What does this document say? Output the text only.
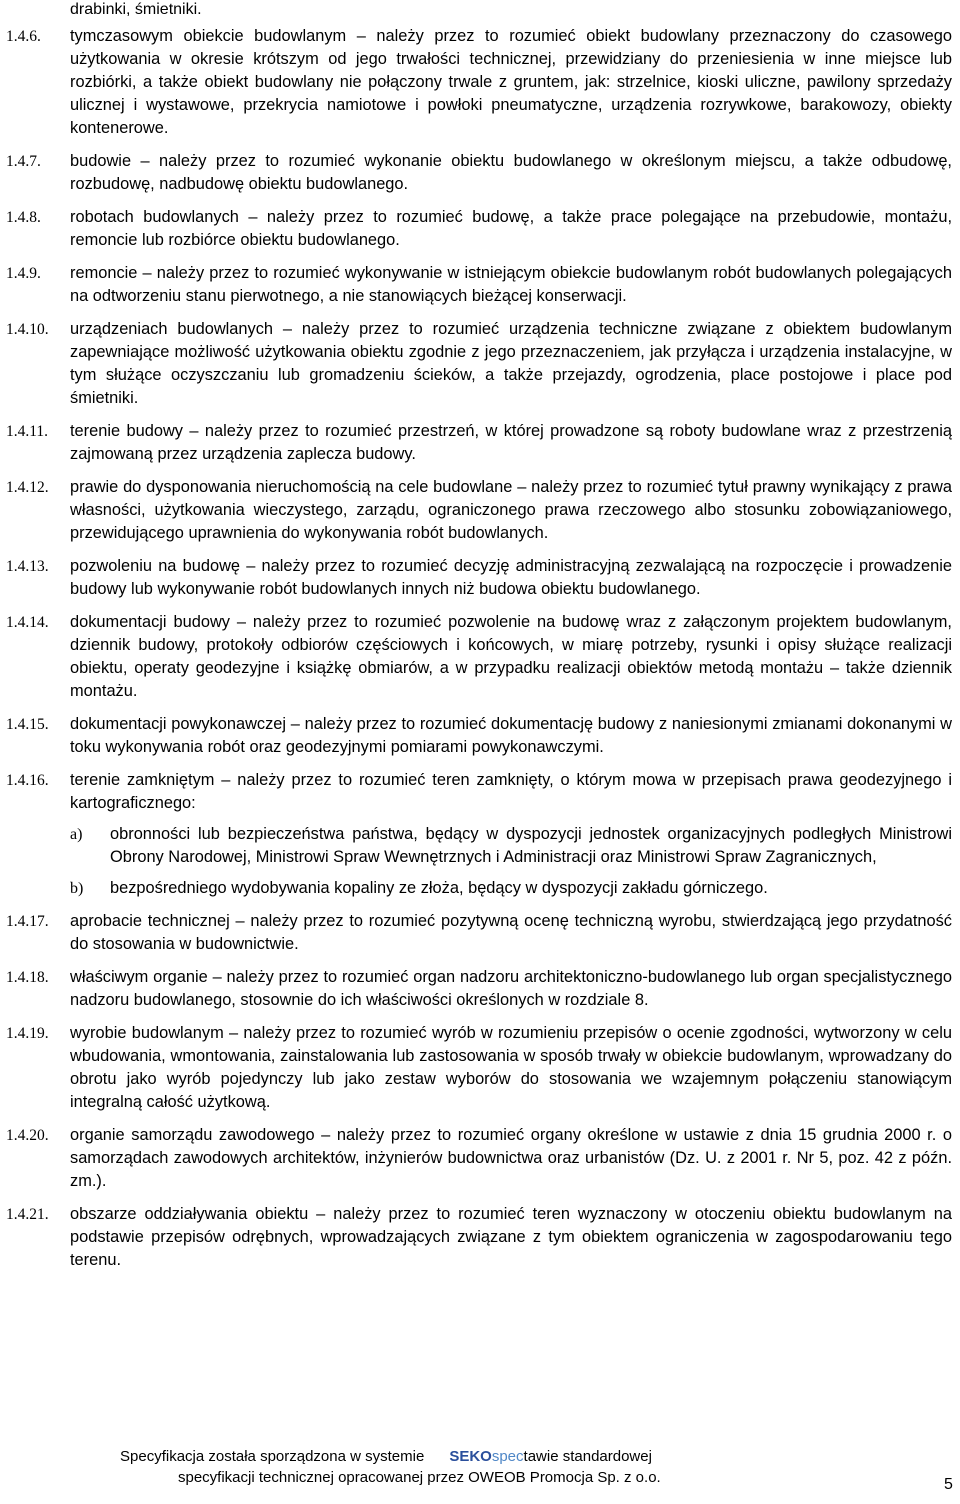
drabinki, śmietniki.
1.4.6.	tymczasowym obiekcie budowlanym – należy przez to rozumieć obiekt budowlany przeznaczony do czasowego użytkowania w okresie krótszym od jego trwałości technicznej, przewidziany do przeniesienia w inne miejsce lub rozbiórki, a także obiekt budowlany nie połączony trwale z gruntem, jak: strzelnice, kioski uliczne, pawilony sprzedaży ulicznej i wystawowe, przekrycia namiotowe i powłoki pneumatyczne, urządzenia rozrywkowe, barakowozy, obiekty kontenerowe.
1.4.7.	budowie – należy przez to rozumieć wykonanie obiektu budowlanego w określonym miejscu, a także odbudowę, rozbudowę, nadbudowę obiektu budowlanego.
1.4.8.	robotach budowlanych – należy przez to rozumieć budowę, a także prace polegające na przebudowie, montażu, remoncie lub rozbiórce obiektu budowlanego.
1.4.9.	remoncie – należy przez to rozumieć wykonywanie w istniejącym obiekcie budowlanym robót budowlanych polegających na odtworzeniu stanu pierwotnego, a nie stanowiących bieżącej konserwacji.
1.4.10.	urządzeniach budowlanych – należy przez to rozumieć urządzenia techniczne związane z obiektem budowlanym zapewniające możliwość użytkowania obiektu zgodnie z jego przeznaczeniem, jak przyłącza i urządzenia instalacyjne, w tym służące oczyszczaniu lub gromadzeniu ścieków, a także przejazdy, ogrodzenia, place postojowe i place pod śmietniki.
1.4.11.	terenie budowy – należy przez to rozumieć przestrzeń, w której prowadzone są roboty budowlane wraz z przestrzenią zajmowaną przez urządzenia zaplecza budowy.
1.4.12.	prawie do dysponowania nieruchomością na cele budowlane – należy przez to rozumieć tytuł prawny wynikający z prawa własności, użytkowania wieczystego, zarządu, ograniczonego prawa rzeczowego albo stosunku zobowiązaniowego, przewidującego uprawnienia do wykonywania robót budowlanych.
1.4.13.	pozwoleniu na budowę – należy przez to rozumieć decyzję administracyjną zezwalającą na rozpoczęcie i prowadzenie budowy lub wykonywanie robót budowlanych innych niż budowa obiektu budowlanego.
1.4.14.	dokumentacji budowy – należy przez to rozumieć pozwolenie na budowę wraz z załączonym projektem budowlanym, dziennik budowy, protokoły odbiorów częściowych i końcowych, w miarę potrzeby, rysunki i opisy służące realizacji obiektu, operaty geodezyjne i książkę obmiarów, a w przypadku realizacji obiektów metodą montażu – także dziennik montażu.
1.4.15.	dokumentacji powykonawczej – należy przez to rozumieć dokumentację budowy z naniesionymi zmianami dokonanymi w toku wykonywania robót oraz geodezyjnymi pomiarami powykonawczymi.
1.4.16.	terenie zamkniętym – należy przez to rozumieć teren zamknięty, o którym mowa w przepisach prawa geodezyjnego i kartograficznego:
a) obronności lub bezpieczeństwa państwa, będący w dyspozycji jednostek organizacyjnych podległych Ministrowi Obrony Narodowej, Ministrowi Spraw Wewnętrznych i Administracji oraz Ministrowi Spraw Zagranicznych,
b) bezpośredniego wydobywania kopaliny ze złoża, będący w dyspozycji zakładu górniczego.
1.4.17.	aprobacie technicznej – należy przez to rozumieć pozytywną ocenę techniczną wyrobu, stwierdzającą jego przydatność do stosowania w budownictwie.
1.4.18.	właściwym organie – należy przez to rozumieć organ nadzoru architektoniczno-budowlanego lub organ specjalistycznego nadzoru budowlanego, stosownie do ich właściwości określonych w rozdziale 8.
1.4.19.	wyrobie budowlanym – należy przez to rozumieć wyrób w rozumieniu przepisów o ocenie zgodności, wytworzony w celu wbudowania, wmontowania, zainstalowania lub zastosowania w sposób trwały w obiekcie budowlanym, wprowadzany do obrotu jako wyrób pojedynczy lub jako zestaw wyborów do stosowania we wzajemnym połączeniu stanowiącym integralną całość użytkową.
1.4.20.	organie samorządu zawodowego – należy przez to rozumieć organy określone w ustawie z dnia 15 grudnia 2000 r. o samorządach zawodowych architektów, inżynierów budownictwa oraz urbanistów (Dz. U. z 2001 r. Nr 5, poz. 42 z późn. zm.).
1.4.21.	obszarze oddziaływania obiektu – należy przez to rozumieć teren wyznaczony w otoczeniu obiektu budowlanym na podstawie przepisów odrębnych, wprowadzających związane z tym obiektem ograniczenia w zagospodarowaniu tego terenu.
Specyfikacja została sporządzona w systemie SEKOspectawie standardowej
specyfikacji technicznej opracowanej przez OWEOB Promocja Sp. z o.o.	5
